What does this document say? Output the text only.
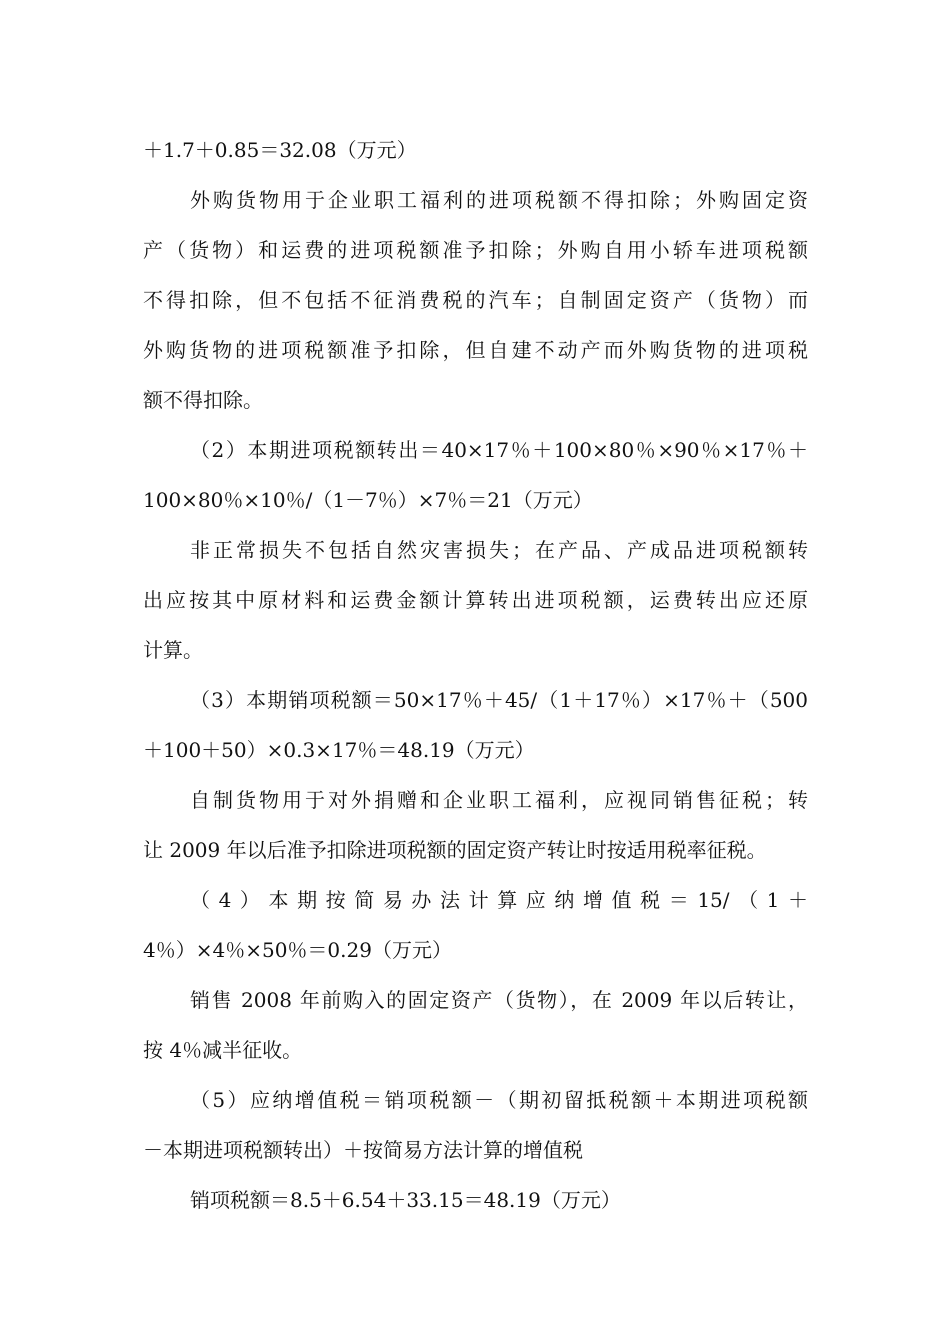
＋1.7＋0.85＝32.08（万元）
外购货物用于企业职工福利的进项税额不得扣除；外购固定资
产（货物）和运费的进项税额准予扣除；外购自用小轿车进项税额
不得扣除，但不包括不征消费税的汽车；自制固定资产（货物）而
外购货物的进项税额准予扣除，但自建不动产而外购货物的进项税
额不得扣除。
（2）本期进项税额转出＝40×17％＋100×80％×90％×17％＋
100×80％×10％/（1－7％）×7％＝21（万元）
非正常损失不包括自然灾害损失；在产品、产成品进项税额转
出应按其中原材料和运费金额计算转出进项税额，运费转出应还原
计算。
（3）本期销项税额＝50×17％＋45/（1＋17％）×17％＋（500
＋100＋50）×0.3×17％＝48.19（万元）
自制货物用于对外捐赠和企业职工福利，应视同销售征税；转
让 2009 年以后准予扣除进项税额的固定资产转让时按适用税率征税。
（4）本期按简易办法计算应纳增值税＝15/（1＋
4％）×4％×50％＝0.29（万元）
销售 2008 年前购入的固定资产（货物），在 2009 年以后转让，
按 4％减半征收。
（5）应纳增值税＝销项税额－（期初留抵税额＋本期进项税额
－本期进项税额转出）＋按简易方法计算的增值税
销项税额＝8.5＋6.54＋33.15＝48.19（万元）
